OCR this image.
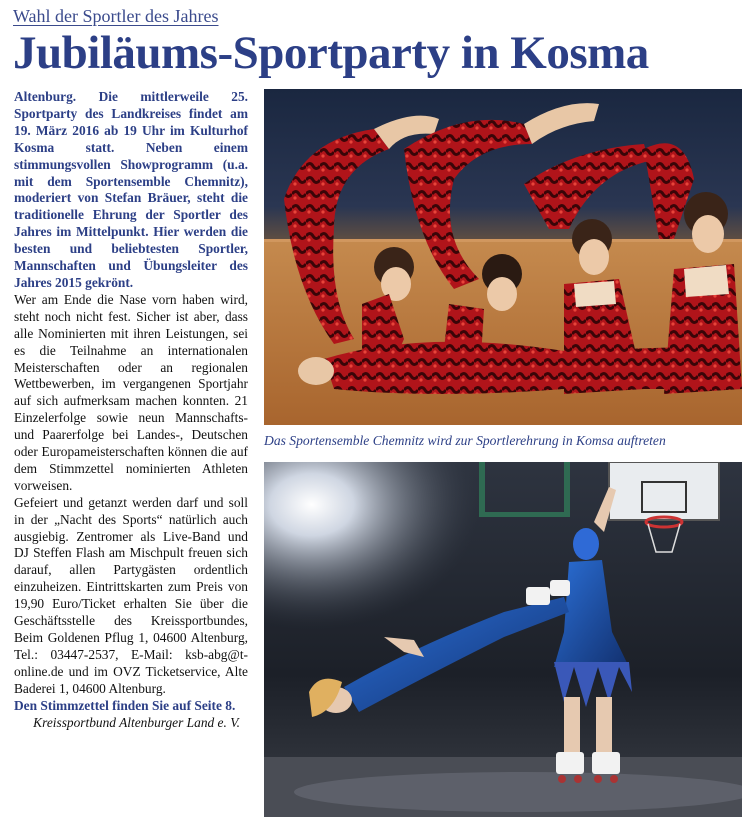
Wahl der Sportler des Jahres
Jubiläums-Sportparty in Kosma

Altenburg. Die mittlerweile 25. Sportparty des Landkreises findet am 19. März 2016 ab 19 Uhr im Kulturhof Kosma statt. Neben einem stimmungsvollen Showprogramm (u.a. mit dem Sportensemble Chemnitz), moderiert von Stefan Bräuer, steht die traditionelle Ehrung der Sportler des Jahres im Mittelpunkt. Hier werden die besten und beliebtesten Sportler, Mannschaften und Übungsleiter des Jahres 2015 gekrönt.

Wer am Ende die Nase vorn haben wird, steht noch nicht fest. Sicher ist aber, dass alle Nominierten mit ihren Leistungen, sei es die Teilnahme an internationalen Meisterschaften oder an regionalen Wettbewerben, im vergangenen Sportjahr auf sich aufmerksam machen konnten. 21 Einzelerfolge sowie neun Mannschafts- und Paarerfolge bei Landes-, Deutschen oder Europameisterschaften können die auf dem Stimmzettel nominierten Athleten vorweisen.

Gefeiert und getanzt werden darf und soll in der „Nacht des Sports“ natürlich auch ausgiebig. Zentromer als Live-Band und DJ Steffen Flash am Mischpult freuen sich darauf, allen Partygästen ordentlich einzuheizen. Eintrittskarten zum Preis von 19,90 Euro/Ticket erhalten Sie über die Geschäftsstelle des Kreissportbundes, Beim Goldenen Pflug 1, 04600 Altenburg, Tel.: 03447-2537, E-Mail: ksb-abg@t-online.de und im OVZ Ticketservice, Alte Baderei 1, 04600 Altenburg.

Den Stimmzettel finden Sie auf Seite 8.

Kreissportbund Altenburger Land e. V.

Das Sportensemble Chemnitz wird zur Sportlerehrung in Komsa auftreten
